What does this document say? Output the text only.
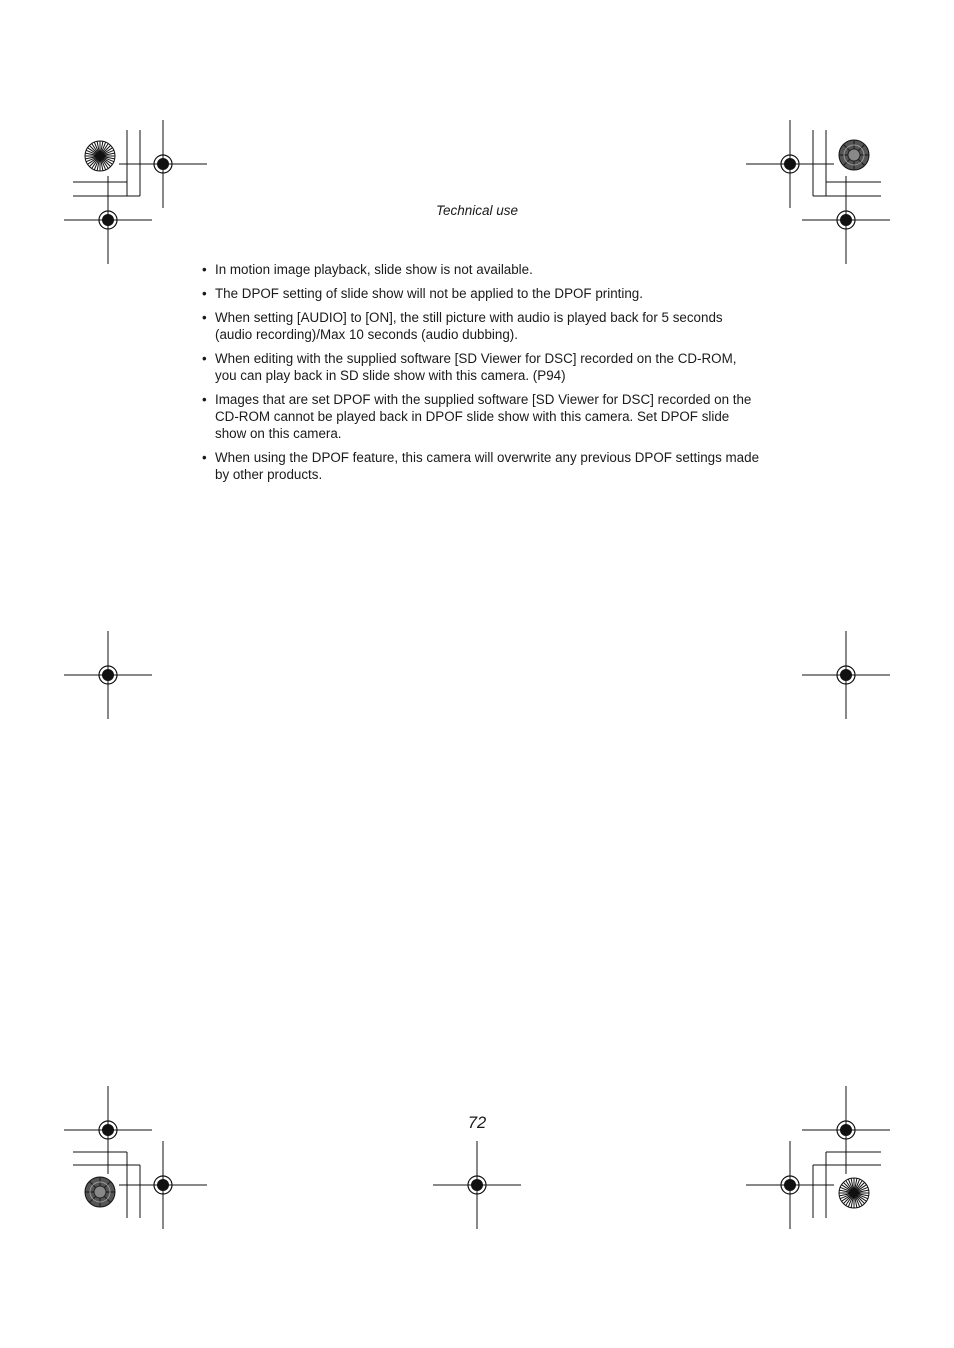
Technical use
• In motion image playback, slide show is not available.
• The DPOF setting of slide show will not be applied to the DPOF printing.
• When setting [AUDIO] to [ON], the still picture with audio is played back for 5 seconds (audio recording)/Max 10 seconds (audio dubbing).
• When editing with the supplied software [SD Viewer for DSC] recorded on the CD-ROM, you can play back in SD slide show with this camera. (P94)
• Images that are set DPOF with the supplied software [SD Viewer for DSC] recorded on the CD-ROM cannot be played back in DPOF slide show with this camera. Set DPOF slide show on this camera.
• When using the DPOF feature, this camera will overwrite any previous DPOF settings made by other products.
72
